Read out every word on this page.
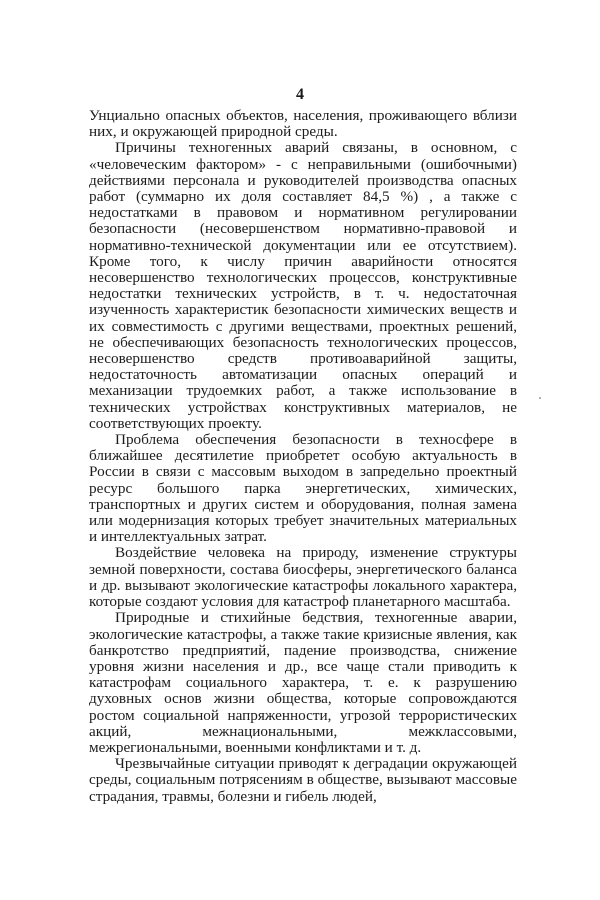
4

Унциально опасных объектов, населения, проживающего вблизи них, и окружающей природной среды.

Причины техногенных аварий связаны, в основном, с «человеческим фактором» - с неправильными (ошибочными) действиями персонала и руководителей производства опасных работ (суммарно их доля составляет 84,5 %) , а также с недостатками в правовом и нормативном регулировании безопасности (несовершенством нормативно-правовой и нормативно-технической документации или ее отсутствием). Кроме того, к числу причин аварийности относятся несовершенство технологических процессов, конструктивные недостатки технических устройств, в т. ч. недостаточная изученность характеристик безопасности химических веществ и их совместимость с другими веществами, проектных решений, не обеспечивающих безопасность технологических процессов, несовершенство средств противоаварийной защиты, недостаточность автоматизации опасных операций и механизации трудоемких работ, а также использование в технических устройствах конструктивных материалов, не соответствующих проекту.

Проблема обеспечения безопасности в техносфере в ближайшее десятилетие приобретет особую актуальность в России в связи с массовым выходом в запредельно проектный ресурс большого парка энергетических, химических, транспортных и других систем и оборудования, полная замена или модернизация которых требует значительных материальных и интеллектуальных затрат.

Воздействие человека на природу, изменение структуры земной поверхности, состава биосферы, энергетического баланса и др. вызывают экологические катастрофы локального характера, которые создают условия для катастроф планетарного масштаба.

Природные и стихийные бедствия, техногенные аварии, экологические катастрофы, а также такие кризисные явления, как банкротство предприятий, падение производства, снижение уровня жизни населения и др., все чаще стали приводить к катастрофам социального характера, т. е. к разрушению духовных основ жизни общества, которые сопровождаются ростом социальной напряженности, угрозой террористических акций, межнациональными, межклассовыми, межрегиональными, военными конфликтами и т. д.

Чрезвычайные ситуации приводят к деградации окружающей среды, социальным потрясениям в обществе, вызывают массовые страдания, травмы, болезни и гибель людей,
